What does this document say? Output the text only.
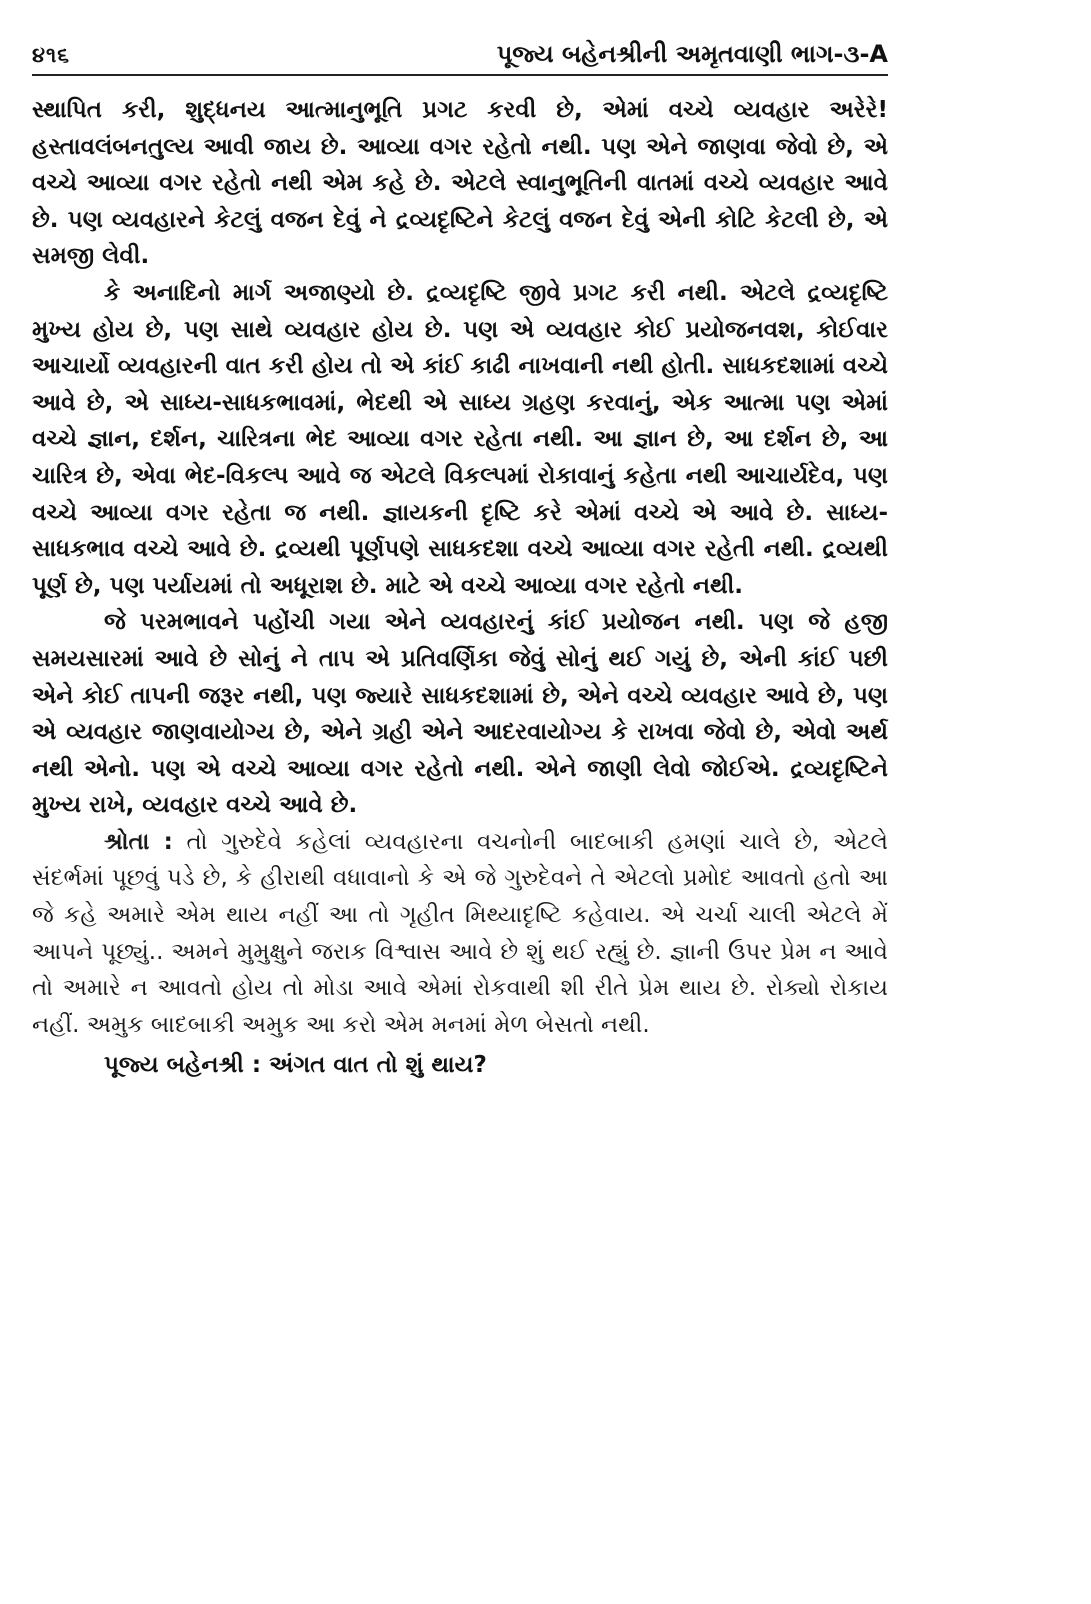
૪૧૬	પૂજ્ય બહેનશ્રીની અમૃતવાણી ભાગ-૩-A

સ્થાપિત કરી, શુદ્ધનય આત્માનુભૂતિ પ્રગટ કરવી છે, એમાં વચ્ચે વ્યવહાર અરેરે! હસ્તાવલંબનતુલ્ય આવી જાય છે. આવ્યા વગર રહેતો નથી. પણ એને જાણવા જેવો છે, એ વચ્ચે આવ્યા વગર રહેતો નથી એમ કહે છે. એટલે સ્વાનુભૂતિની વાતમાં વચ્ચે વ્યવહાર આવે છે. પણ વ્યવહારને કેટલું વજન દેવું ને દ્રવ્યદૃષ્ટિને કેટલું વજન દેવું એની કોટિ કેટલી છે, એ સમજી લેવી.

કે અનાદિનો માર્ગ અજાણ્યો છે. દ્રવ્યદૃષ્ટિ જીવે પ્રગટ કરી નથી. એટલે દ્રવ્યદૃષ્ટિ મુખ્ય હોય છે, પણ સાથે વ્યવહાર હોય છે. પણ એ વ્યવહાર કોઈ પ્રયોજનવશ, કોઈવાર આચાર્યો વ્યવહારની વાત કરી હોય તો એ કાંઈ કાઢી નાખવાની નથી હોતી. સાધકદશામાં વચ્ચે આવે છે, એ સાધ્ય-સાધકભાવમાં, ભેદથી એ સાધ્ય ગ્રહણ કરવાનું, એક આત્મા પણ એમાં વચ્ચે જ્ઞાન, દર્શન, ચારિત્રના ભેદ આવ્યા વગર રહેતા નથી. આ જ્ઞાન છે, આ દર્શન છે, આ ચારિત્ર છે, એવા ભેદ-વિકલ્પ આવે જ એટલે વિકલ્પમાં રોકાવાનું કહેતા નથી આચાર્યદેવ, પણ વચ્ચે આવ્યા વગર રહેતા જ નથી. જ્ઞાયકની દૃષ્ટિ કરે એમાં વચ્ચે એ આવે છે. સાધ્ય-સાધકભાવ વચ્ચે આવે છે. દ્રવ્યથી પૂર્ણપણે સાધકદશા વચ્ચે આવ્યા વગર રહેતી નથી. દ્રવ્યથી પૂર્ણ છે, પણ પર્યાયમાં તો અધૂરાશ છે. માટે એ વચ્ચે આવ્યા વગર રહેતો નથી.

જે પરમભાવને પહોંચી ગયા એને વ્યવહારનું કાંઈ પ્રયોજન નથી. પણ જે હજી સમયસારમાં આવે છે સોનું ને તાપ એ પ્રતિવર્ણિકા જેવું સોનું થઈ ગયું છે, એની કાંઈ પછી એને કોઈ તાપની જરૂર નથી, પણ જ્યારે સાધકદશામાં છે, એને વચ્ચે વ્યવહાર આવે છે, પણ એ વ્યવહાર જાણવાયોગ્ય છે, એને ગ્રહી એને આદરવાયોગ્ય કે રાખવા જેવો છે, એવો અર્થ નથી એનો. પણ એ વચ્ચે આવ્યા વગર રહેતો નથી. એને જાણી લેવો જોઈએ. દ્રવ્યદૃષ્ટિને મુખ્ય રાખે, વ્યવહાર વચ્ચે આવે છે.

શ્રોતા : તો ગુરુદેવે કહેલાં વ્યવહારના વચનોની બાદબાકી હમણાં ચાલે છે, એટલે સંદર્ભમાં પૂછવું પડે છે, કે હીરાથી વધાવાનો કે એ જે ગુરુદેવને તે એટલો પ્રમોદ આવતો હતો આ જે કહે અમારે એમ થાય નહીં આ તો ગૃહીત મિથ્યાદૃષ્ટિ કહેવાય. એ ચર્ચા ચાલી એટલે મેં આપને પૂછ્યું.. અમને મુમુક્ષુને જરાક વિશ્વાસ આવે છે શું થઈ રહ્યું છે. જ્ઞાની ઉપર પ્રેમ ન આવે તો અમારે ન આવતો હોય તો મોડા આવે એમાં રોકવાથી શી રીતે પ્રેમ થાય છે. રોક્યો રોકાય નહીં. અમુક બાદબાકી અમુક આ કરો એમ મનમાં મેળ બેસતો નથી.

પૂજ્ય બહેનશ્રી : અંગત વાત તો શું થાય?
